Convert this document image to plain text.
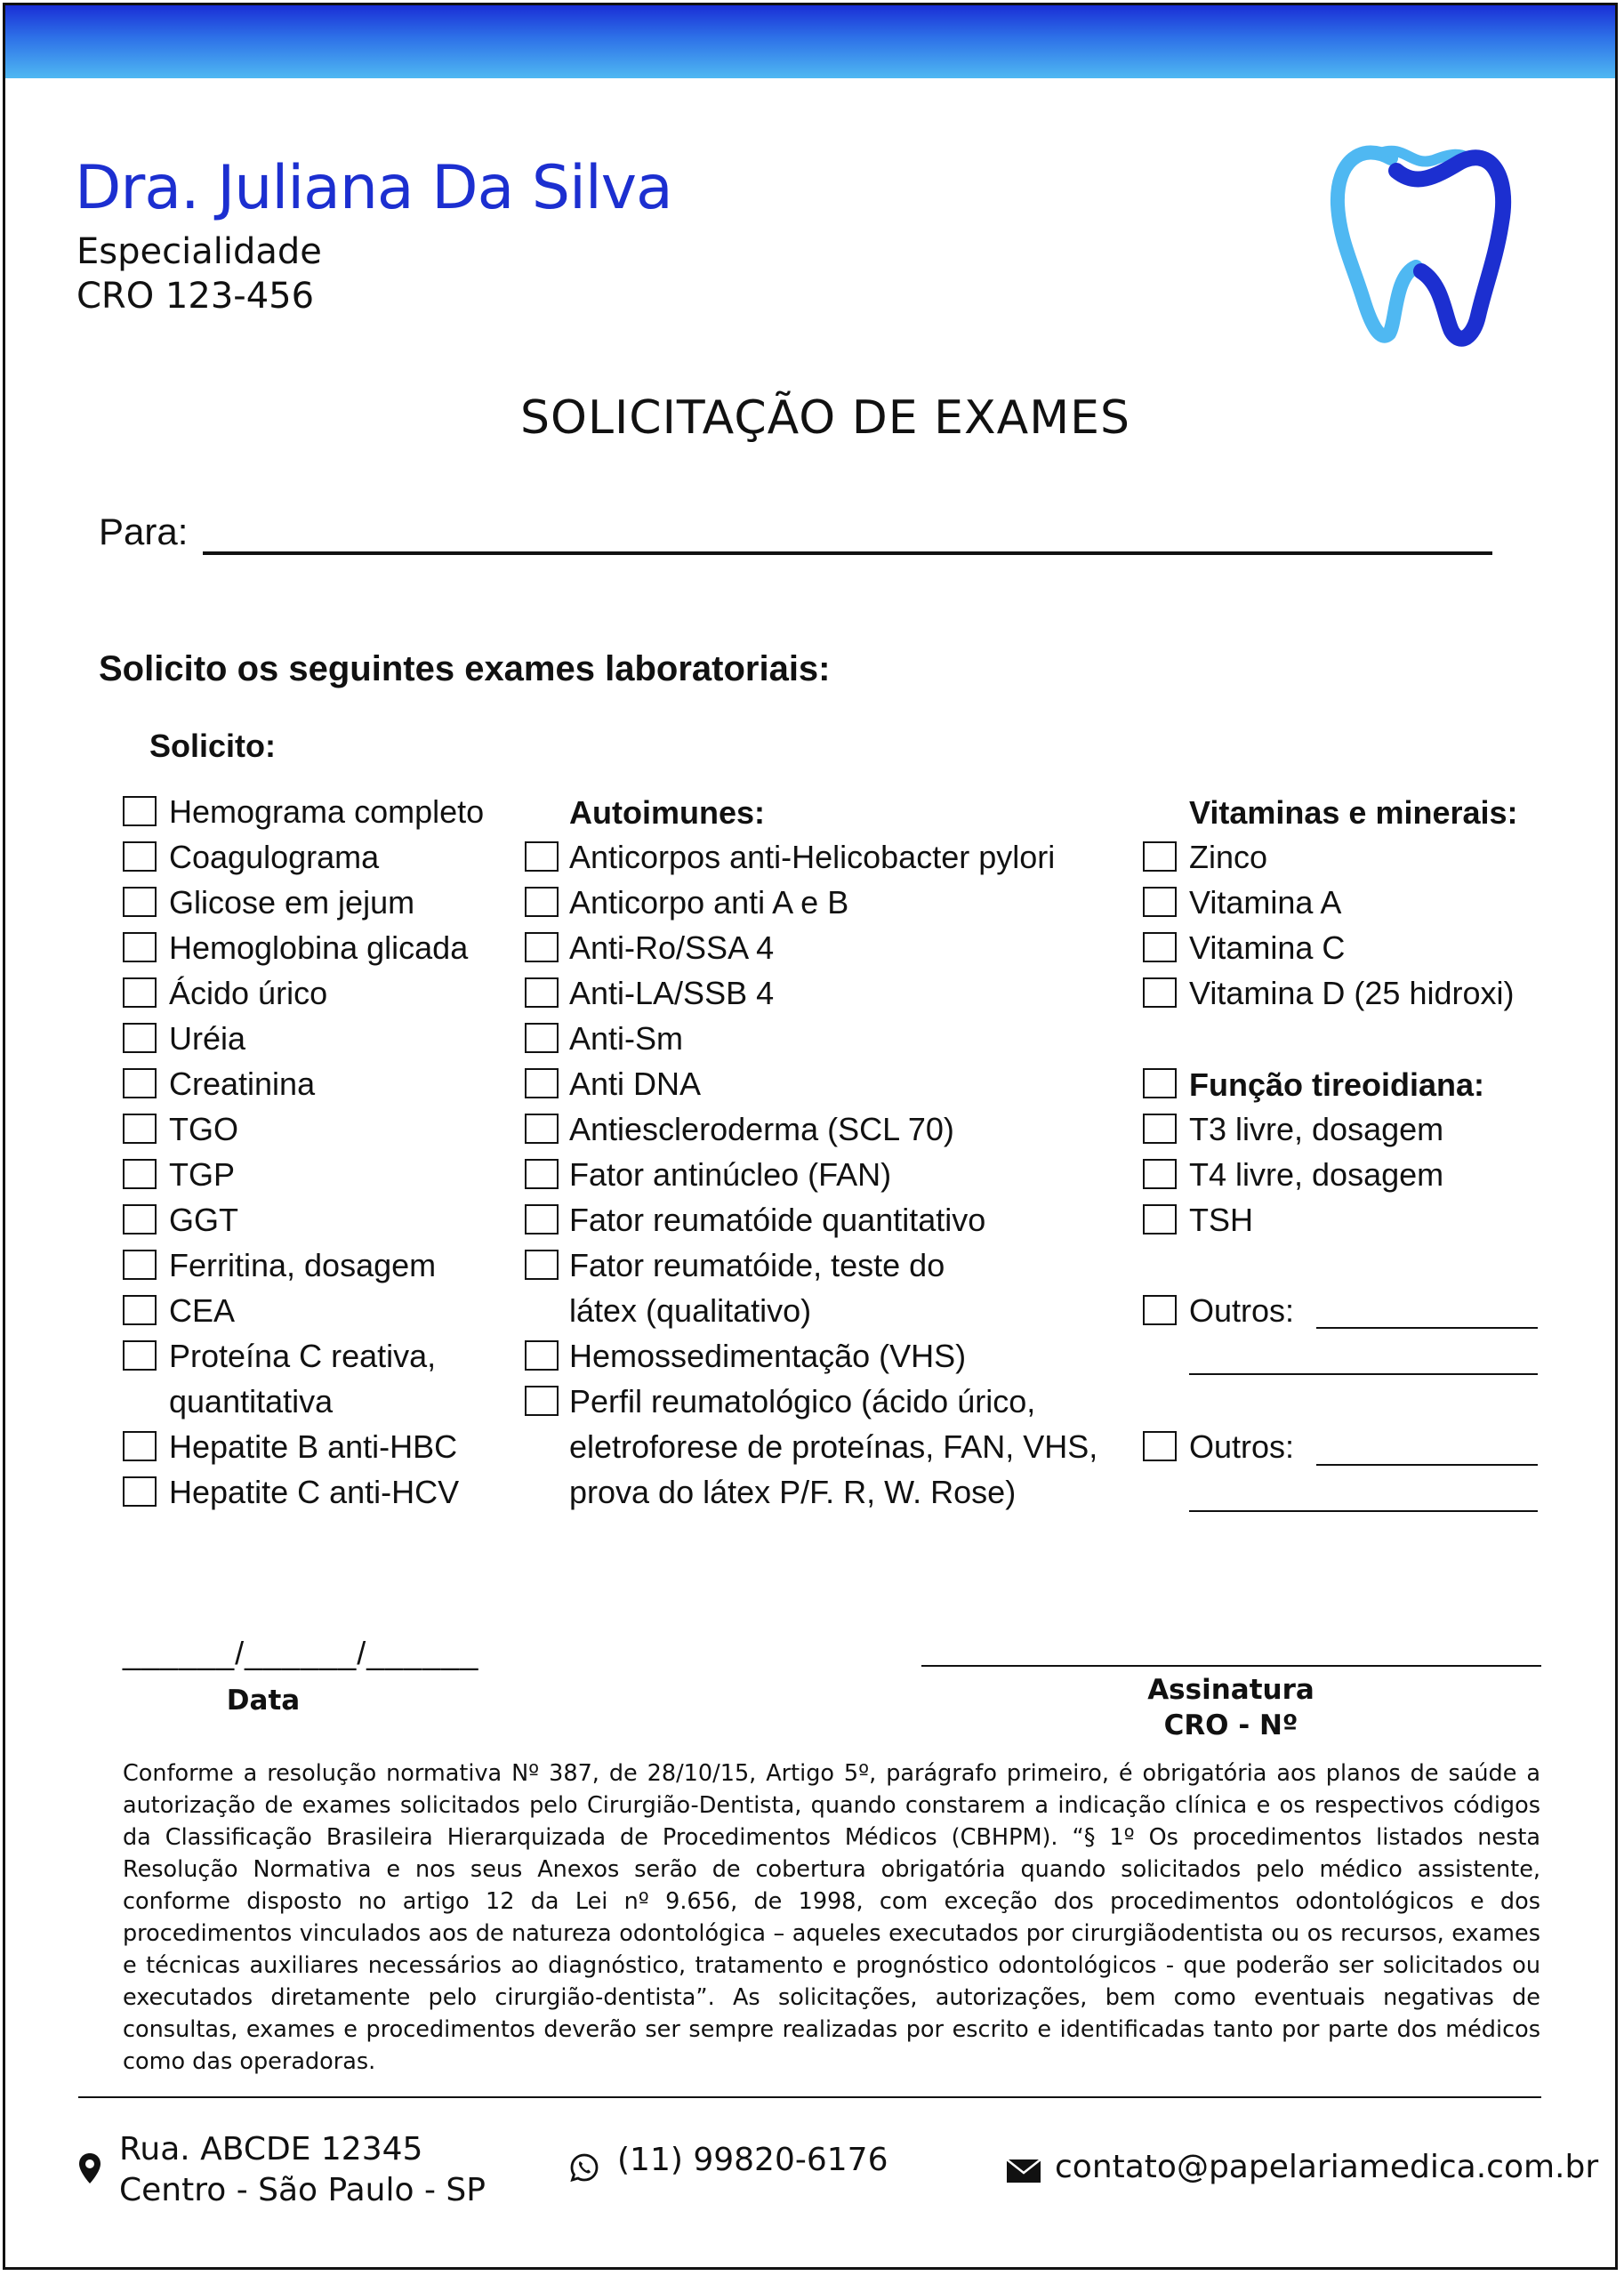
Dra. Juliana Da Silva
Especialidade
CRO 123-456
SOLICITAÇÃO DE EXAMES
Para:
Solicito os seguintes exames laboratoriais:
Solicito:
Hemograma completo
Coagulograma
Glicose em jejum
Hemoglobina glicada
Ácido úrico
Uréia
Creatinina
TGO
TGP
GGT
Ferritina, dosagem
CEA
Proteína C reativa,
quantitativa
Hepatite B anti-HBC
Hepatite C anti-HCV
Autoimunes:
Anticorpos anti-Helicobacter pylori
Anticorpo anti A e B
Anti-Ro/SSA 4
Anti-LA/SSB 4
Anti-Sm
Anti DNA
Antiescleroderma (SCL 70)
Fator antinúcleo (FAN)
Fator reumatóide quantitativo
Fator reumatóide, teste do
látex (qualitativo)
Hemossedimentação (VHS)
Perfil reumatológico (ácido úrico,
eletroforese de proteínas, FAN, VHS,
prova do látex P/F. R, W. Rose)
Vitaminas e minerais:
Zinco
Vitamina A
Vitamina C
Vitamina D (25 hidroxi)
Função tireoidiana:
T3 livre, dosagem
T4 livre, dosagem
TSH
Outros:
Outros:
______/______/______
Data	Assinatura
CRO - Nº
Conforme a resolução normativa Nº 387, de 28/10/15, Artigo 5º, parágrafo primeiro, é obrigatória aos planos de saúde a autorização de exames solicitados pelo Cirurgião-Dentista, quando constarem a indicação clínica e os respectivos códigos da Classificação Brasileira Hierarquizada de Procedimentos Médicos (CBHPM). “§ 1º Os procedimentos listados nesta Resolução Normativa e nos seus Anexos serão de cobertura obrigatória quando solicitados pelo médico assistente, conforme disposto no artigo 12 da Lei nº 9.656, de 1998, com exceção dos procedimentos odontológicos e dos procedimentos vinculados aos de natureza odontológica – aqueles executados por cirurgiãodentista ou os recursos, exames e técnicas auxiliares necessários ao diagnóstico, tratamento e prognóstico odontológicos - que poderão ser solicitados ou executados diretamente pelo cirurgião-dentista”. As solicitações, autorizações, bem como eventuais negativas de consultas, exames e procedimentos deverão ser sempre realizadas por escrito e identificadas tanto por parte dos médicos como das operadoras.
Rua. ABCDE 12345
Centro - São Paulo - SP
(11) 99820-6176	contato@papelariamedica.com.br
